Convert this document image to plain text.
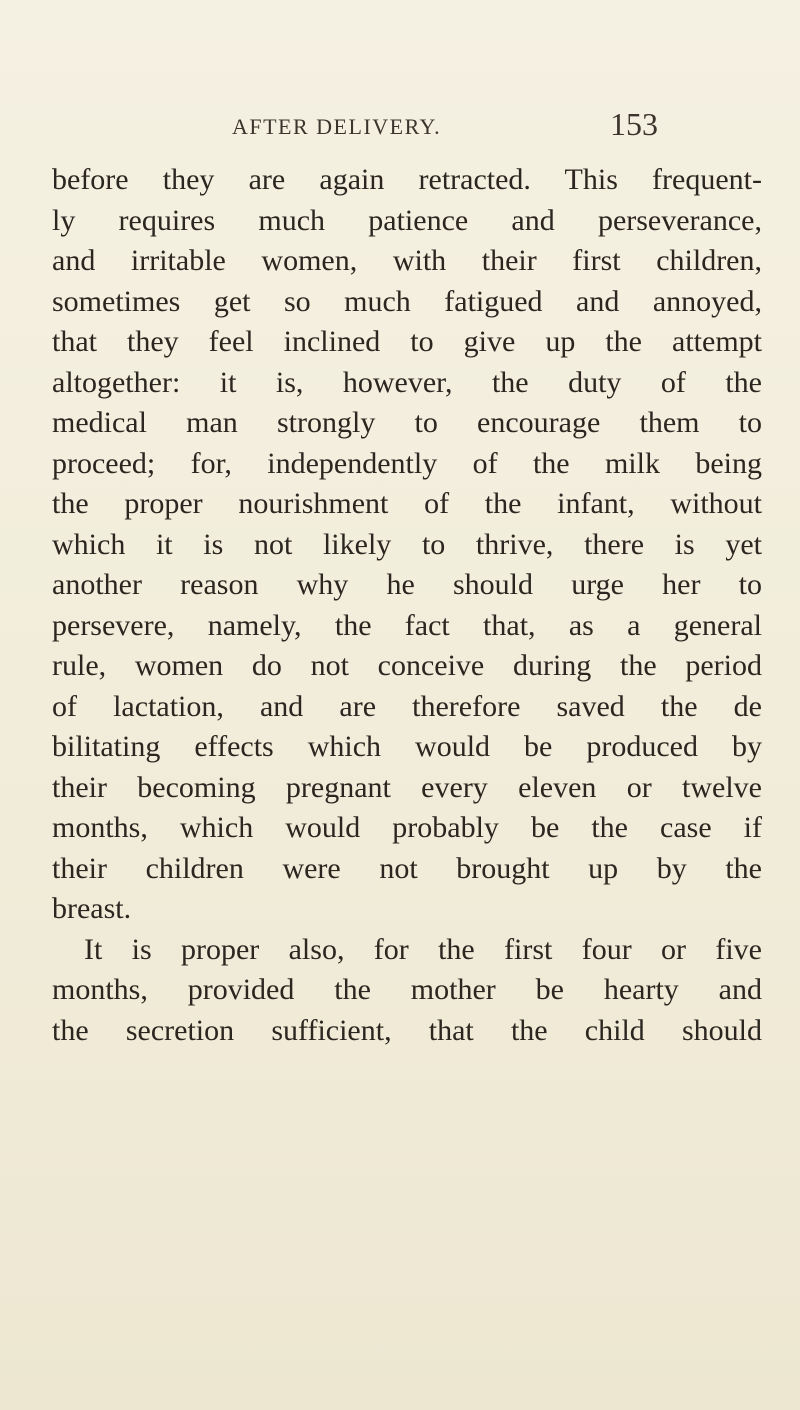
AFTER DELIVERY.	153
before they are again retracted. This frequent-
ly requires much patience and perseverance,
and irritable women, with their first children,
sometimes get so much fatigued and annoyed,
that they feel inclined to give up the attempt
altogether: it is, however, the duty of the
medical man strongly to encourage them to
proceed; for, independently of the milk being
the proper nourishment of the infant, without
which it is not likely to thrive, there is yet
another reason why he should urge her to
persevere, namely, the fact that, as a general
rule, women do not conceive during the period
of lactation, and are therefore saved the de
bilitating effects which would be produced by
their becoming pregnant every eleven or twelve
months, which would probably be the case if
their children were not brought up by the
breast.
It is proper also, for the first four or five
months, provided the mother be hearty and
the secretion sufficient, that the child should
